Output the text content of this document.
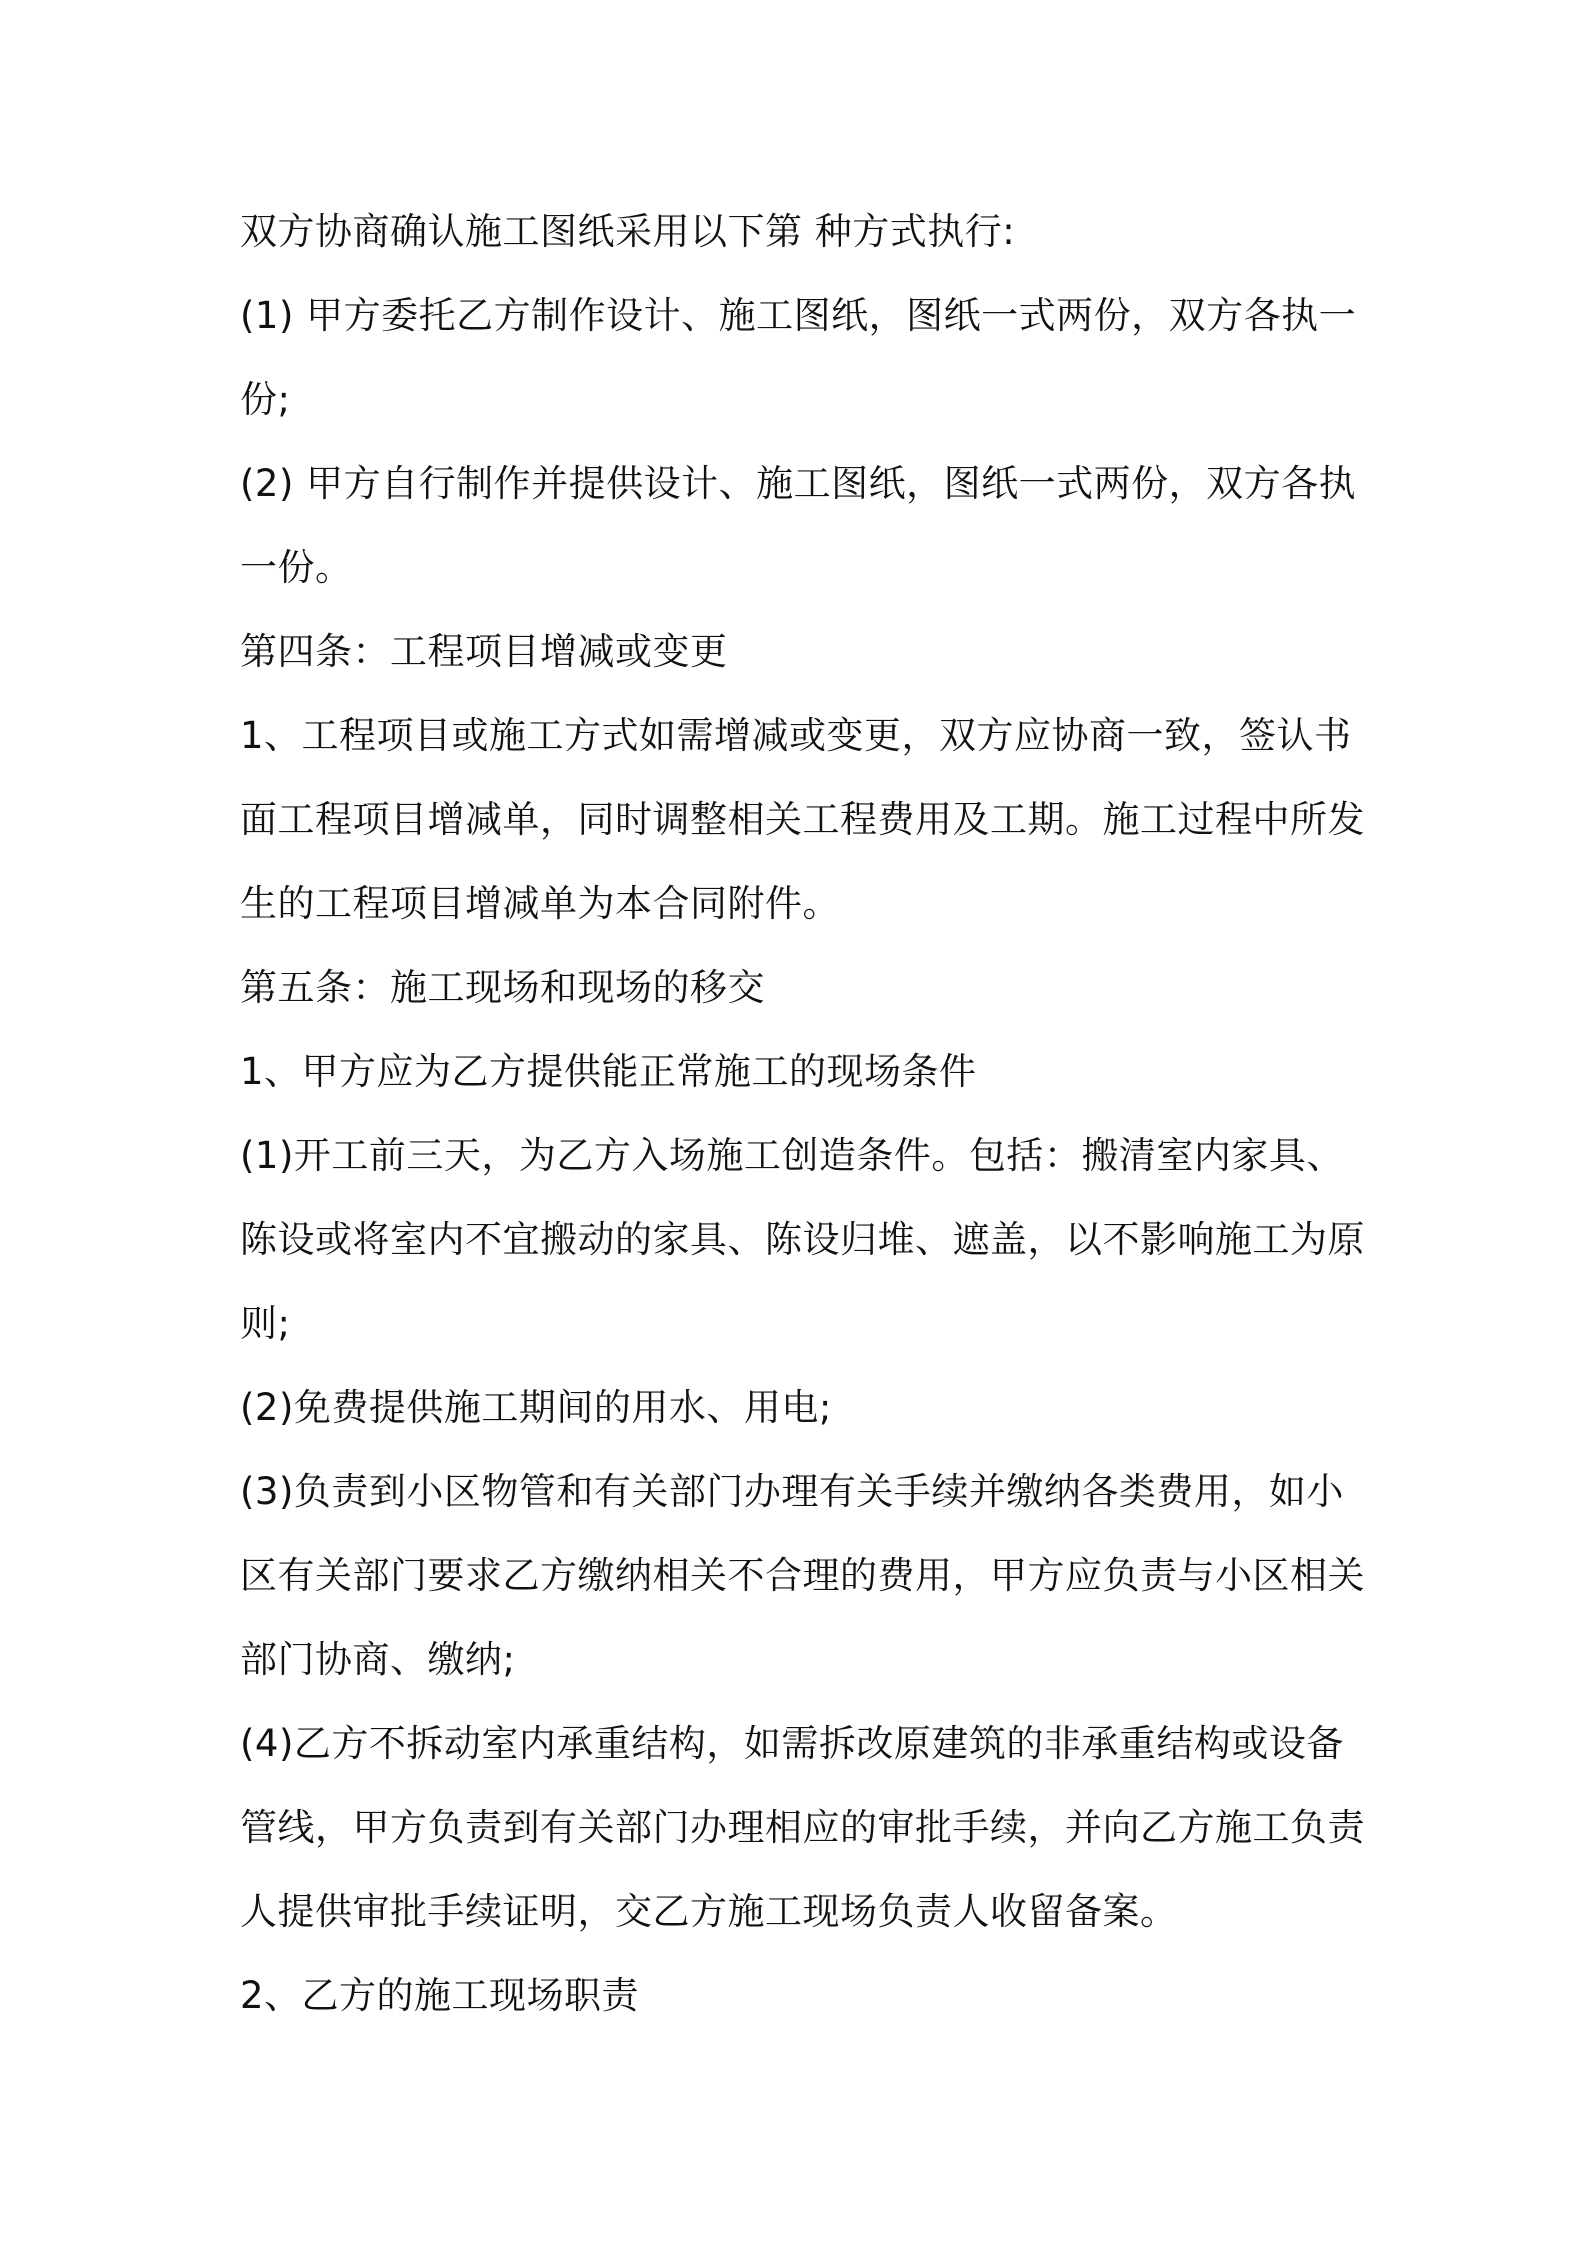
双方协商确认施工图纸采用以下第 种方式执行:
(1) 甲方委托乙方制作设计、施工图纸，图纸一式两份，双方各执一
份;
(2) 甲方自行制作并提供设计、施工图纸，图纸一式两份，双方各执
一份。
第四条：工程项目增减或变更
1、工程项目或施工方式如需增减或变更，双方应协商一致，签认书
面工程项目增减单，同时调整相关工程费用及工期。施工过程中所发
生的工程项目增减单为本合同附件。
第五条：施工现场和现场的移交
1、甲方应为乙方提供能正常施工的现场条件
(1)开工前三天，为乙方入场施工创造条件。包括：搬清室内家具、
陈设或将室内不宜搬动的家具、陈设归堆、遮盖，以不影响施工为原
则;
(2)免费提供施工期间的用水、用电;
(3)负责到小区物管和有关部门办理有关手续并缴纳各类费用，如小
区有关部门要求乙方缴纳相关不合理的费用，甲方应负责与小区相关
部门协商、缴纳;
(4)乙方不拆动室内承重结构，如需拆改原建筑的非承重结构或设备
管线，甲方负责到有关部门办理相应的审批手续，并向乙方施工负责
人提供审批手续证明，交乙方施工现场负责人收留备案。
2、乙方的施工现场职责
